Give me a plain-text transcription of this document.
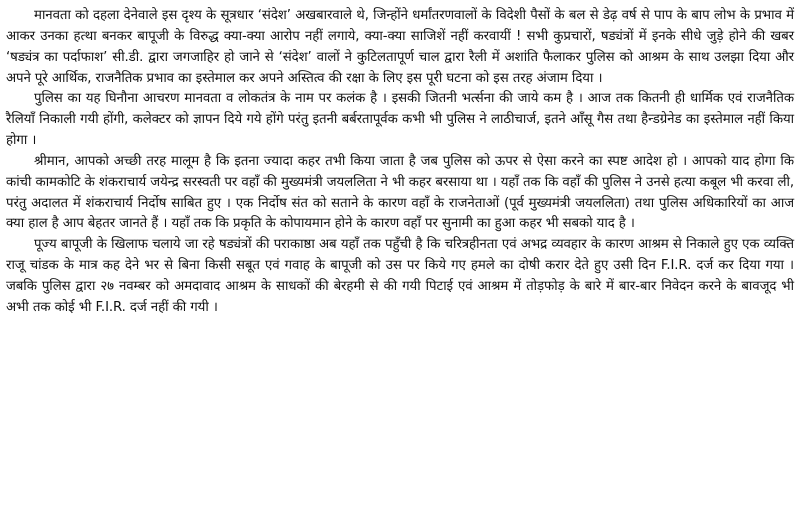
मानवता को दहला देनेवाले इस दृश्य के सूत्रधार ‘संदेश’ अखबारवाले थे, जिन्होंने धर्मांतरणवालों के विदेशी पैसों के बल से डेढ़ वर्ष से पाप के बाप लोभ के प्रभाव में आकर उनका हत्था बनकर बापूजी के विरुद्ध क्या-क्या आरोप नहीं लगाये, क्या-क्या साजिशें नहीं करवायीं ! सभी कुप्रचारों, षड्यंत्रों में इनके सीधे जुड़े होने की खबर ‘षड्यंत्र का पर्दाफाश’ सी.डी. द्वारा जगजाहिर हो जाने से ‘संदेश’ वालों ने कुटिलतापूर्ण चाल द्वारा रैली में अशांति फैलाकर पुलिस को आश्रम के साथ उलझा दिया और अपने पूरे आर्थिक, राजनैतिक प्रभाव का इस्तेमाल कर अपने अस्तित्व की रक्षा के लिए इस पूरी घटना को इस तरह अंजाम दिया ।

पुलिस का यह घिनौना आचरण मानवता व लोकतंत्र के नाम पर कलंक है । इसकी जितनी भर्त्सना की जाये कम है । आज तक कितनी ही धार्मिक एवं राजनैतिक रैलियाँ निकाली गयी होंगी, कलेक्टर को ज्ञापन दिये गये होंगे परंतु इतनी बर्बरतापूर्वक कभी भी पुलिस ने लाठीचार्ज, इतने आँसू गैस तथा हैन्डग्रेनेड का इस्तेमाल नहीं किया होगा ।

श्रीमान, आपको अच्छी तरह मालूम है कि इतना ज्यादा कहर तभी किया जाता है जब पुलिस को ऊपर से ऐसा करने का स्पष्ट आदेश हो । आपको याद होगा कि कांची कामकोटि के शंकराचार्य जयेन्द्र सरस्वती पर वहाँ की मुख्यमंत्री जयललिता ने भी कहर बरसाया था । यहाँ तक कि वहाँ की पुलिस ने उनसे हत्या कबूल भी करवा ली, परंतु अदालत में शंकराचार्य निर्दोष साबित हुए । एक निर्दोष संत को सताने के कारण वहाँ के राजनेताओं (पूर्व मुख्यमंत्री जयललिता) तथा पुलिस अधिकारियों का आज क्या हाल है आप बेहतर जानते हैं । यहाँ तक कि प्रकृति के कोपायमान होने के कारण वहाँ पर सुनामी का हुआ कहर भी सबको याद है ।

पूज्य बापूजी के खिलाफ चलाये जा रहे षड्यंत्रों की पराकाष्ठा अब यहाँ तक पहुँची है कि चरित्रहीनता एवं अभद्र व्यवहार के कारण आश्रम से निकाले हुए एक व्यक्ति राजू चांडक के मात्र कह देने भर से बिना किसी सबूत एवं गवाह के बापूजी को उस पर किये गए हमले का दोषी करार देते हुए उसी दिन F.I.R. दर्ज कर दिया गया । जबकि पुलिस द्वारा २७ नवम्बर को अमदावाद आश्रम के साधकों की बेरहमी से की गयी पिटाई एवं आश्रम में तोड़फोड़ के बारे में बार-बार निवेदन करने के बावजूद भी अभी तक कोई भी F.I.R. दर्ज नहीं की गयी ।
